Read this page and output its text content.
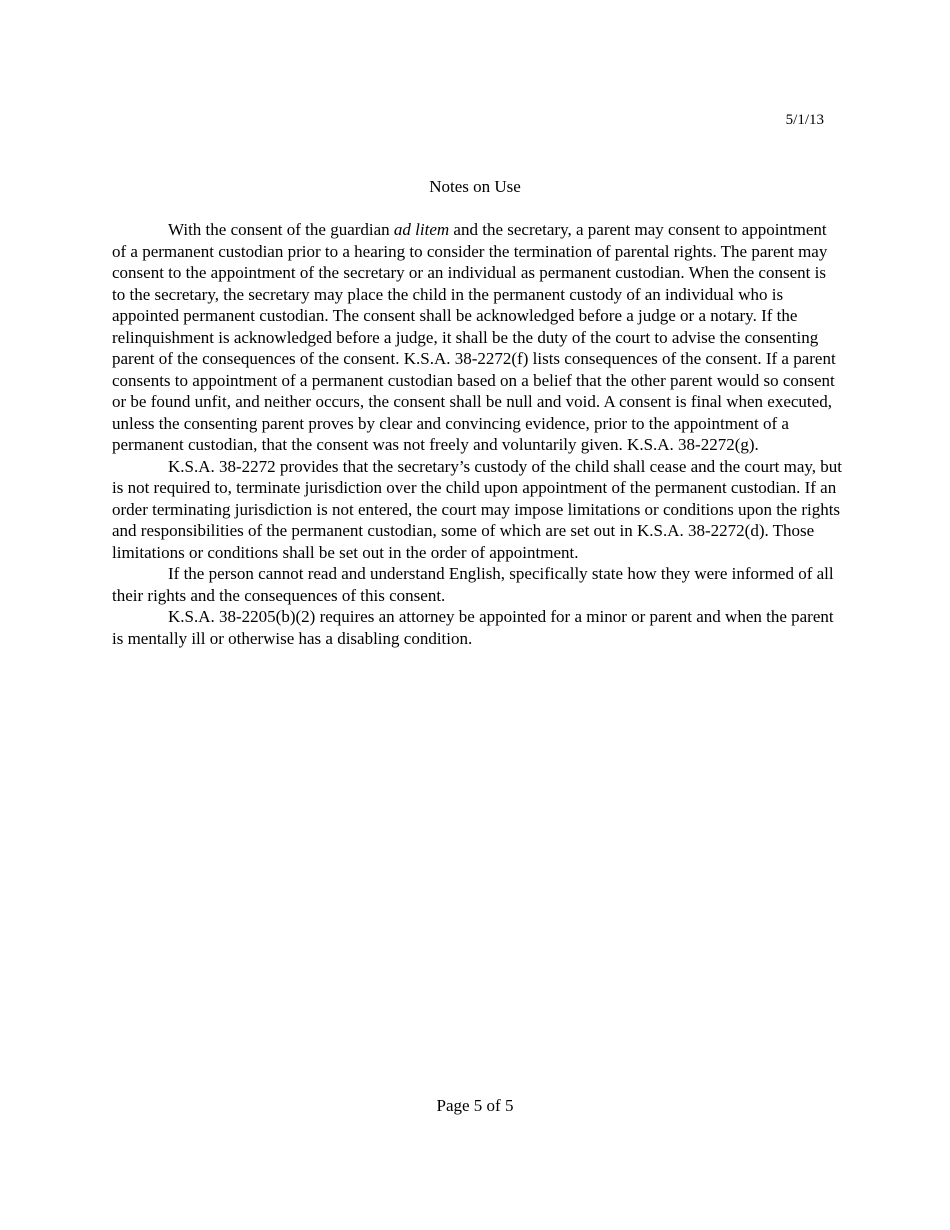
5/1/13
Notes on Use

With the consent of the guardian ad litem and the secretary, a parent may consent to appointment of a permanent custodian prior to a hearing to consider the termination of parental rights. The parent may consent to the appointment of the secretary or an individual as permanent custodian. When the consent is to the secretary, the secretary may place the child in the permanent custody of an individual who is appointed permanent custodian. The consent shall be acknowledged before a judge or a notary. If the relinquishment is acknowledged before a judge, it shall be the duty of the court to advise the consenting parent of the consequences of the consent. K.S.A. 38-2272(f) lists consequences of the consent. If a parent consents to appointment of a permanent custodian based on a belief that the other parent would so consent or be found unfit, and neither occurs, the consent shall be null and void. A consent is final when executed, unless the consenting parent proves by clear and convincing evidence, prior to the appointment of a permanent custodian, that the consent was not freely and voluntarily given. K.S.A. 38-2272(g).

K.S.A. 38-2272 provides that the secretary’s custody of the child shall cease and the court may, but is not required to, terminate jurisdiction over the child upon appointment of the permanent custodian. If an order terminating jurisdiction is not entered, the court may impose limitations or conditions upon the rights and responsibilities of the permanent custodian, some of which are set out in K.S.A. 38-2272(d). Those limitations or conditions shall be set out in the order of appointment.

If the person cannot read and understand English, specifically state how they were informed of all their rights and the consequences of this consent.

K.S.A. 38-2205(b)(2) requires an attorney be appointed for a minor or parent and when the parent is mentally ill or otherwise has a disabling condition.

Page 5 of 5
